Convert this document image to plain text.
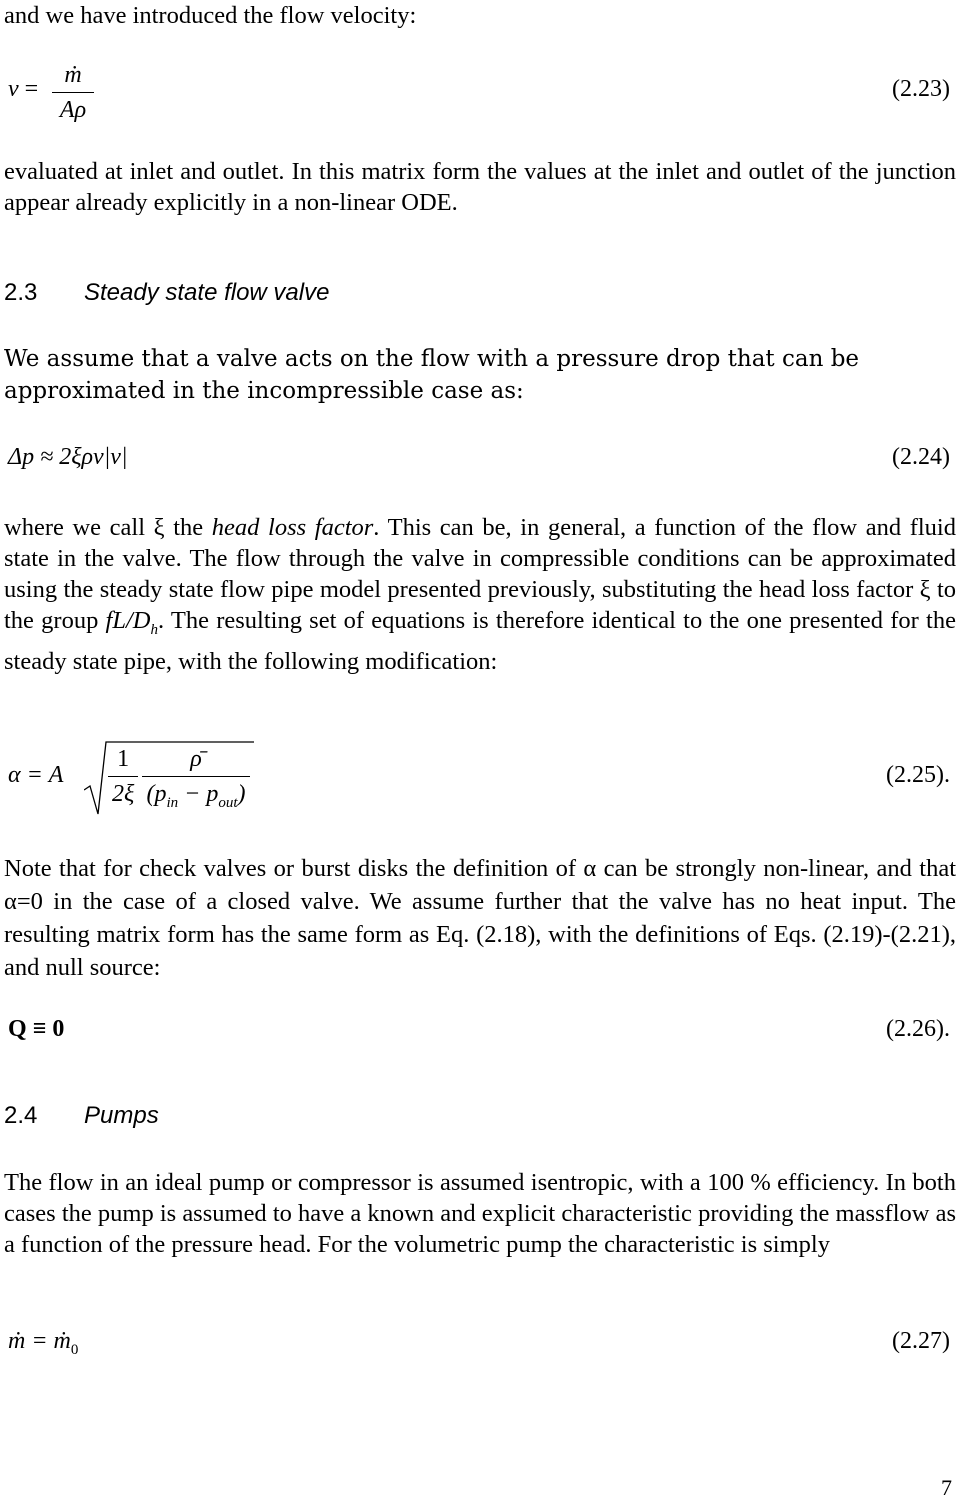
and we have introduced the flow velocity:

$v = \frac{\text{ṁ}}{A\rho}$	(2.23)

evaluated at inlet and outlet. In this matrix form the values at the inlet and outlet of the junction appear already explicitly in a non-linear ODE.

2.3 Steady state flow valve

We assume that a valve acts on the flow with a pressure drop that can be approximated in the incompressible case as:

Δp ≈ 2ξρv|v|	(2.24)

where we call ξ the head loss factor. This can be, in general, a function of the flow and fluid state in the valve. The flow through the valve in compressible conditions can be approximated using the steady state flow pipe model presented previously, substituting the head loss factor ξ to the group $fL/D_h$. The resulting set of equations is therefore identical to the one presented for the steady state pipe, with the following modification:

α = A $\frac{1}{2\xi}$	ρ̄
$(p_{in} - p_{out})$
(2.25).

Note that for check valves or burst disks the definition of α can be strongly non-linear, and that α=0 in the case of a closed valve. We assume further that the valve has no heat input. The resulting matrix form has the same form as Eq. (2.18), with the definitions of Eqs. (2.19)-(2.21), and null source:

Q ≡ 0	(2.26).
2.4 Pumps

The flow in an ideal pump or compressor is assumed isentropic, with a 100 % efficiency. In both cases the pump is assumed to have a known and explicit characteristic providing the massflow as a function of the pressure head. For the volumetric pump the characteristic is simply

ṁ = ṁ$_0$	(2.27)
7
